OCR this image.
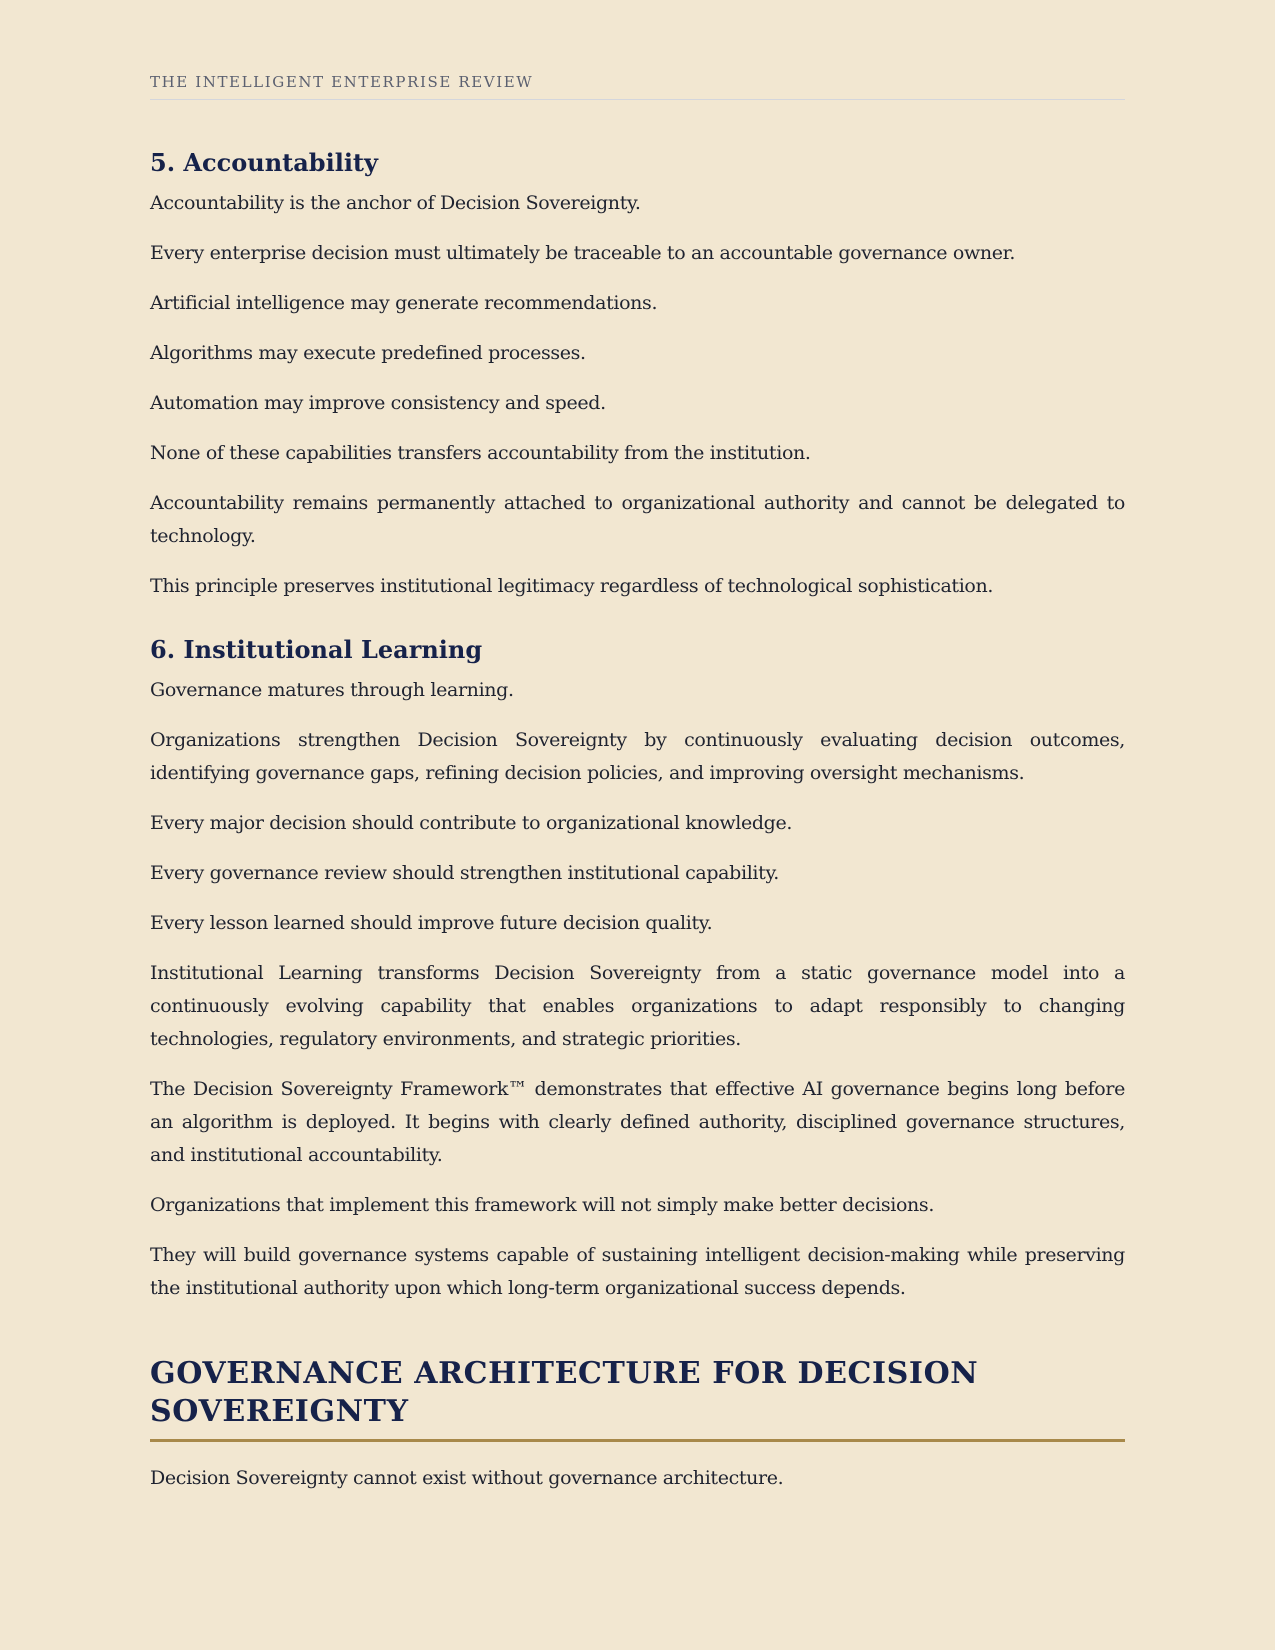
THE INTELLIGENT ENTERPRISE REVIEW
5. Accountability

Accountability is the anchor of Decision Sovereignty.

Every enterprise decision must ultimately be traceable to an accountable governance owner.

Artificial intelligence may generate recommendations.

Algorithms may execute predefined processes.

Automation may improve consistency and speed.

None of these capabilities transfers accountability from the institution.

Accountability remains permanently attached to organizational authority and cannot be delegated to technology.

This principle preserves institutional legitimacy regardless of technological sophistication.

6. Institutional Learning

Governance matures through learning.

Organizations strengthen Decision Sovereignty by continuously evaluating decision outcomes, identifying governance gaps, refining decision policies, and improving oversight mechanisms.

Every major decision should contribute to organizational knowledge.

Every governance review should strengthen institutional capability.

Every lesson learned should improve future decision quality.

Institutional Learning transforms Decision Sovereignty from a static governance model into a continuously evolving capability that enables organizations to adapt responsibly to changing technologies, regulatory environments, and strategic priorities.

The Decision Sovereignty Framework™ demonstrates that effective AI governance begins long before an algorithm is deployed. It begins with clearly defined authority, disciplined governance structures, and institutional accountability.

Organizations that implement this framework will not simply make better decisions.

They will build governance systems capable of sustaining intelligent decision-making while preserving the institutional authority upon which long-term organizational success depends.

GOVERNANCE ARCHITECTURE FOR DECISION SOVEREIGNTY

Decision Sovereignty cannot exist without governance architecture.
